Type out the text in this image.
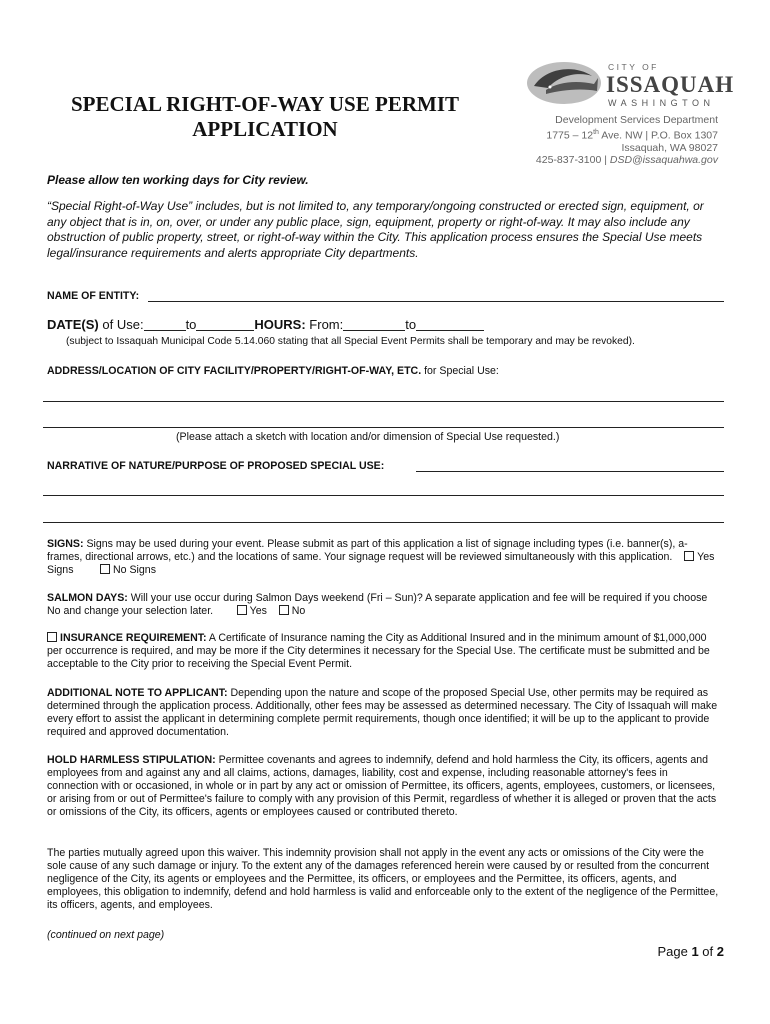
SPECIAL RIGHT-OF-WAY USE PERMIT
APPLICATION
CITY OF
ISSAQUAH
WASHINGTON
Development Services Department
1775 – 12th Ave. NW | P.O. Box 1307
Issaquah, WA 98027
425-837-3100 | DSD@issaquahwa.gov
Please allow ten working days for City review.
“Special Right-of-Way Use” includes, but is not limited to, any temporary/ongoing constructed or erected sign, equipment, or any object that is in, on, over, or under any public place, sign, equipment, property or right-of-way. It may also include any obstruction of public property, street, or right-of-way within the City. This application process ensures the Special Use meets legal/insurance requirements and alerts appropriate City departments.
NAME OF ENTITY:
DATE(S) of Use:	to	HOURS: From:	to
(subject to Issaquah Municipal Code 5.14.060 stating that all Special Event Permits shall be temporary and may be revoked).
ADDRESS/LOCATION OF CITY FACILITY/PROPERTY/RIGHT-OF-WAY, ETC. for Special Use:
(Please attach a sketch with location and/or dimension of Special Use requested.)
NARRATIVE OF NATURE/PURPOSE OF PROPOSED SPECIAL USE:
SIGNS: Signs may be used during your event. Please submit as part of this application a list of signage including types (i.e. banner(s), a-frames, directional arrows, etc.) and the locations of same. Your signage request will be reviewed simultaneously with this application. Yes Signs	No Signs
SALMON DAYS: Will your use occur during Salmon Days weekend (Fri – Sun)? A separate application and fee will be required if you choose No and change your selection later.	Yes No
INSURANCE REQUIREMENT: A Certificate of Insurance naming the City as Additional Insured and in the minimum amount of $1,000,000 per occurrence is required, and may be more if the City determines it necessary for the Special Use. The certificate must be submitted and be acceptable to the City prior to receiving the Special Event Permit.
ADDITIONAL NOTE TO APPLICANT: Depending upon the nature and scope of the proposed Special Use, other permits may be required as determined through the application process. Additionally, other fees may be assessed as determined necessary. The City of Issaquah will make every effort to assist the applicant in determining complete permit requirements, though once identified; it will be up to the applicant to provide required and approved documentation.
HOLD HARMLESS STIPULATION: Permittee covenants and agrees to indemnify, defend and hold harmless the City, its officers, agents and employees from and against any and all claims, actions, damages, liability, cost and expense, including reasonable attorney's fees in connection with or occasioned, in whole or in part by any act or omission of Permittee, its officers, agents, employees, customers, or licensees, or arising from or out of Permittee's failure to comply with any provision of this Permit, regardless of whether it is alleged or proven that the acts or omissions of the City, its officers, agents or employees caused or contributed thereto.
The parties mutually agreed upon this waiver. This indemnity provision shall not apply in the event any acts or omissions of the City were the sole cause of any such damage or injury. To the extent any of the damages referenced herein were caused by or resulted from the concurrent negligence of the City, its agents or employees and the Permittee, its officers, or employees and the Permittee, its officers, agents, and employees, this obligation to indemnify, defend and hold harmless is valid and enforceable only to the extent of the negligence of the Permittee, its officers, agents, and employees.
(continued on next page)
Page 1 of 2
